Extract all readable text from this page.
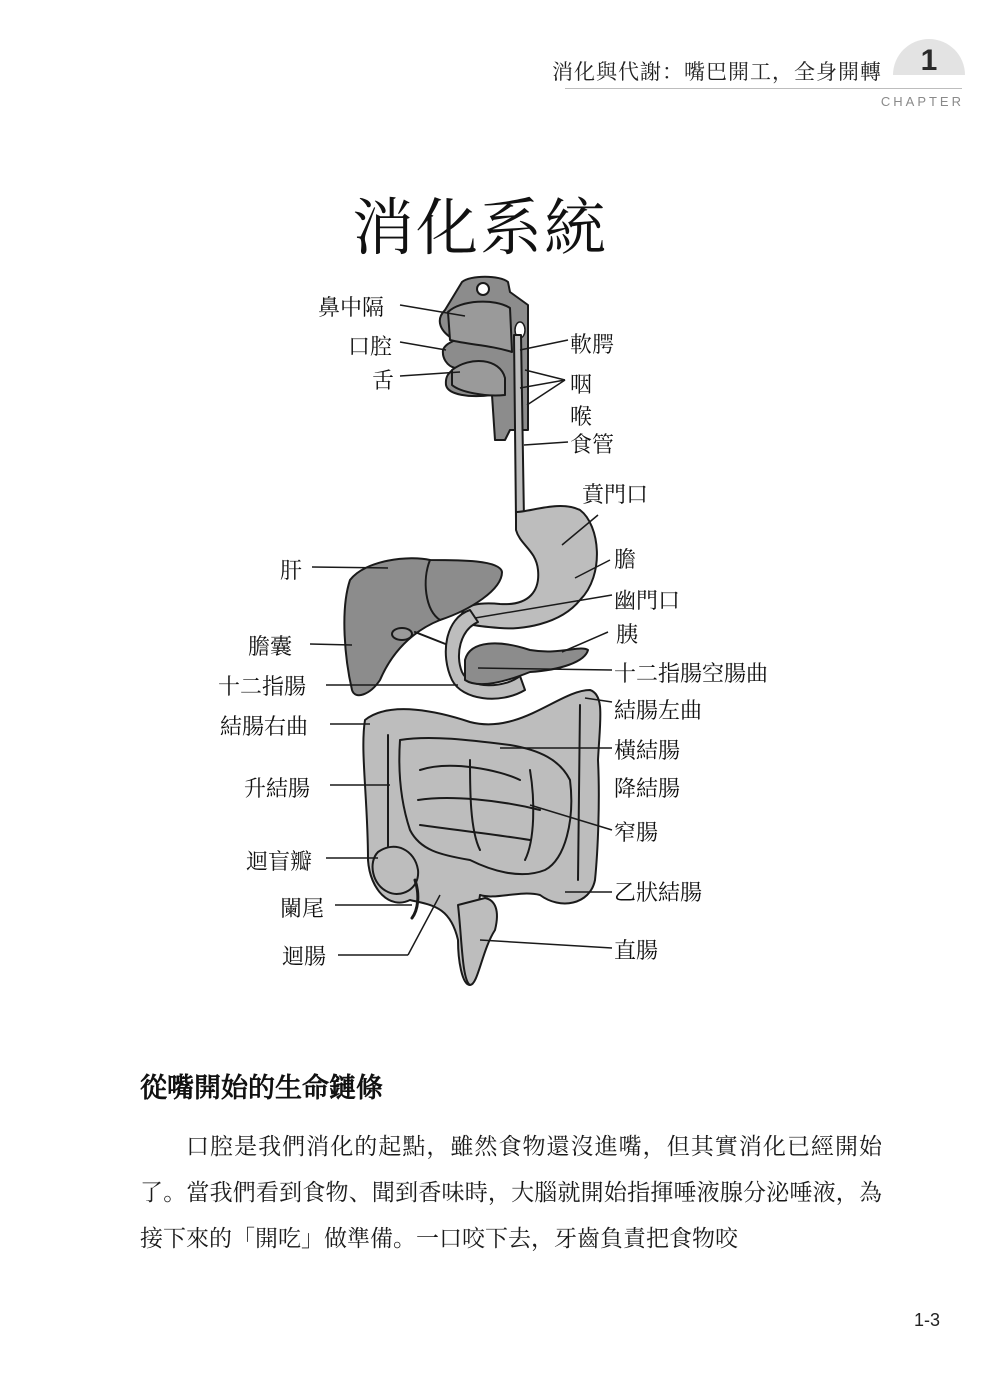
1
消化與代謝：嘴巴開工，全身開轉
CHAPTER
消化系統
鼻中隔
口腔
舌
肝
膽囊
十二指腸
結腸右曲
升結腸
迴盲瓣
闌尾
迴腸
軟腭
咽
喉
食管
賁門口
膽
幽門口
胰
十二指腸空腸曲
結腸左曲
橫結腸
降結腸
窄腸
乙狀結腸
直腸
從嘴開始的生命鏈條

口腔是我們消化的起點，雖然食物還沒進嘴，但其實消化已經開始了。當我們看到食物、聞到香味時，大腦就開始指揮唾液腺分泌唾液，為接下來的「開吃」做準備。一口咬下去，牙齒負責把食物咬

1-3
